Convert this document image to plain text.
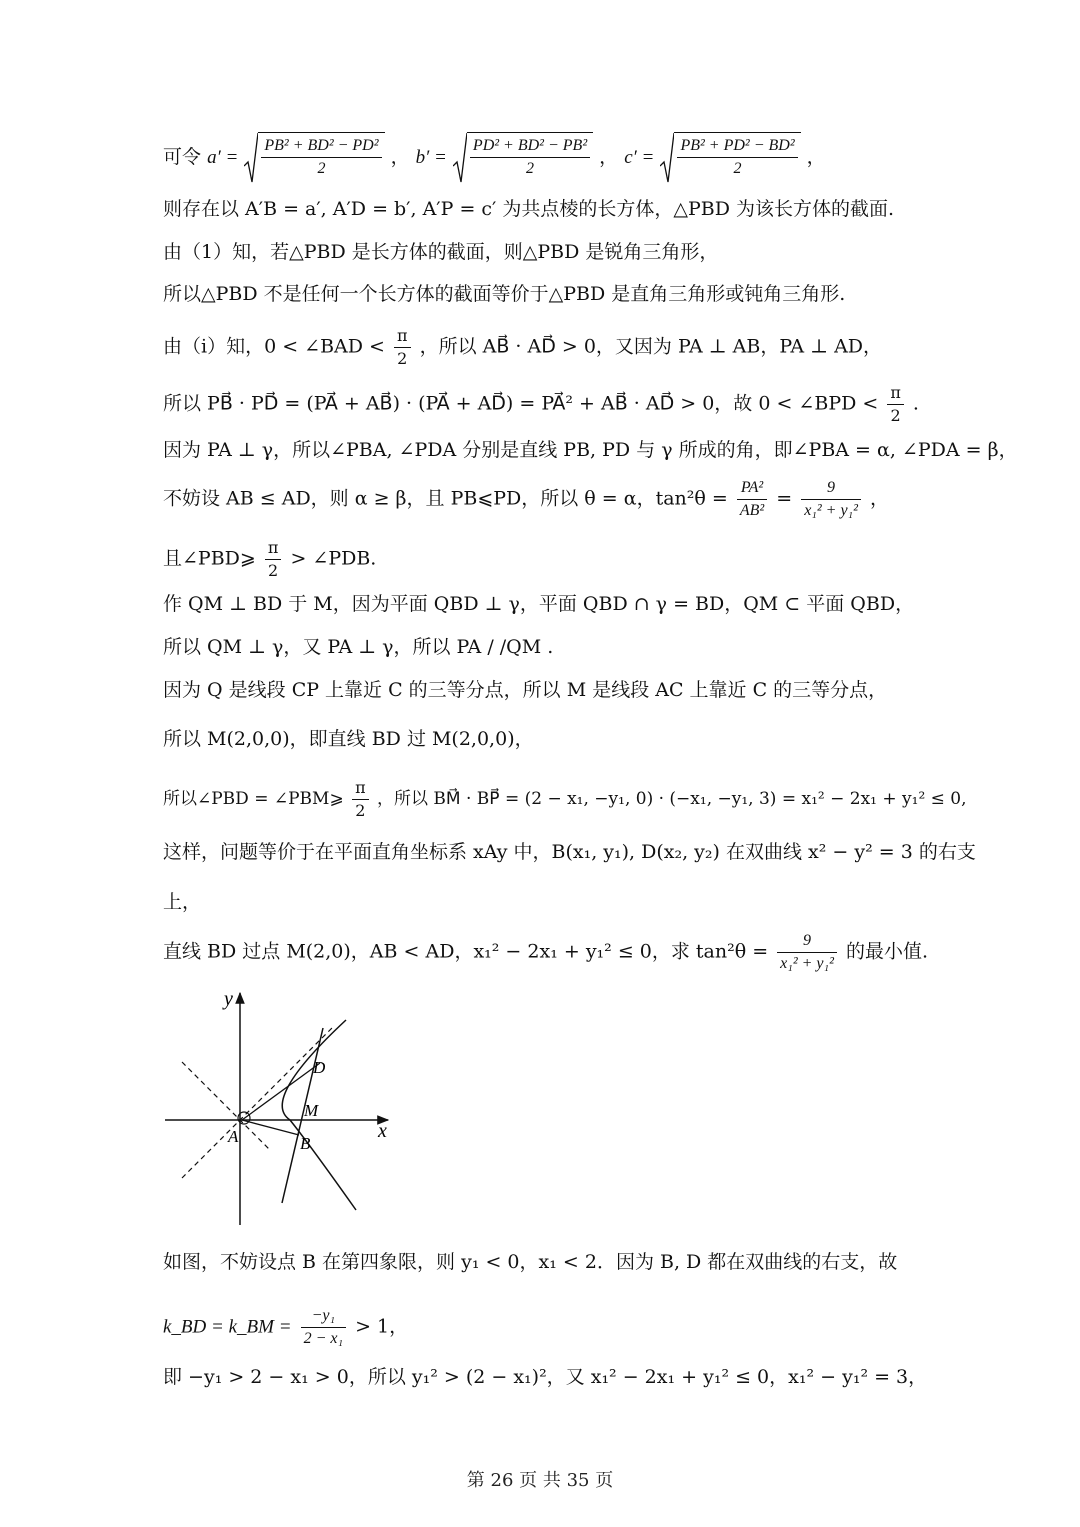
可令 $a' = \frac{\text{PB² + BD² − PD²}}{2}$ ， $b' = \frac{\text{PD² + BD² − PB²}}{2}$ ， $c' = \frac{\text{PB² + PD² − BD²}}{2}$ ，
则存在以 A′B = a′, A′D = b′, A′P = c′ 为共点棱的长方体，△PBD 为该长方体的截面.
由（1）知，若△PBD 是长方体的截面，则△PBD 是锐角三角形，
所以△PBD 不是任何一个长方体的截面等价于△PBD 是直角三角形或钝角三角形.
由（i）知，0 < ∠BAD < $\frac{\pi}{2}$ ，所以 AB⃗ · AD⃗ > 0，又因为 PA ⊥ AB，PA ⊥ AD，
所以 PB⃗ · PD⃗ = (PA⃗ + AB⃗) · (PA⃗ + AD⃗) = PA⃗² + AB⃗ · AD⃗ > 0，故 0 < ∠BPD < $\frac{\pi}{2}$ .
因为 PA ⊥ γ，所以∠PBA, ∠PDA 分别是直线 PB, PD 与 γ 所成的角，即∠PBA = α, ∠PDA = β，
不妨设 AB ≤ AD，则 α ≥ β，且 PB⩽PD，所以 θ = α，$\tan^2\theta = \frac{\text{PA²}}{\text{AB²}} = \frac{9}{\text{x₁² + y₁²}}$ ，
且∠PBD⩾ $\frac{\pi}{2}$ > ∠PDB.
作 QM ⊥ BD 于 M，因为平面 QBD ⊥ γ，平面 QBD ∩ γ = BD，QM ⊂ 平面 QBD，
所以 QM ⊥ γ，又 PA ⊥ γ，所以 PA / /QM .
因为 Q 是线段 CP 上靠近 C 的三等分点，所以 M 是线段 AC 上靠近 C 的三等分点，
所以 M(2,0,0)，即直线 BD 过 M(2,0,0)，
所以∠PBD = ∠PBM⩾ $\frac{\pi}{2}$ ，所以 BM⃗ · BP⃗ = (2 − x₁, −y₁, 0) · (−x₁, −y₁, 3) = x₁² − 2x₁ + y₁² ≤ 0,
这样，问题等价于在平面直角坐标系 xAy 中，B(x₁, y₁), D(x₂, y₂) 在双曲线 x² − y² = 3 的右支
上，
直线 BD 过点 M(2,0)，AB < AD，x₁² − 2x₁ + y₁² ≤ 0，求 $\tan^2\theta = \frac{9}{\text{x₁² + y₁²}}$ 的最小值.
x
y
A
D
M
B
如图，不妨设点 B 在第四象限，则 y₁ < 0，x₁ < 2．因为 B, D 都在双曲线的右支，故
k_BD = k_BM = $\frac{\text{−y₁}}{\text{2 − x₁}} > 1$，
即 −y₁ > 2 − x₁ > 0，所以 y₁² > (2 − x₁)²，又 x₁² − 2x₁ + y₁² ≤ 0，x₁² − y₁² = 3，
第 26 页 共 35 页
